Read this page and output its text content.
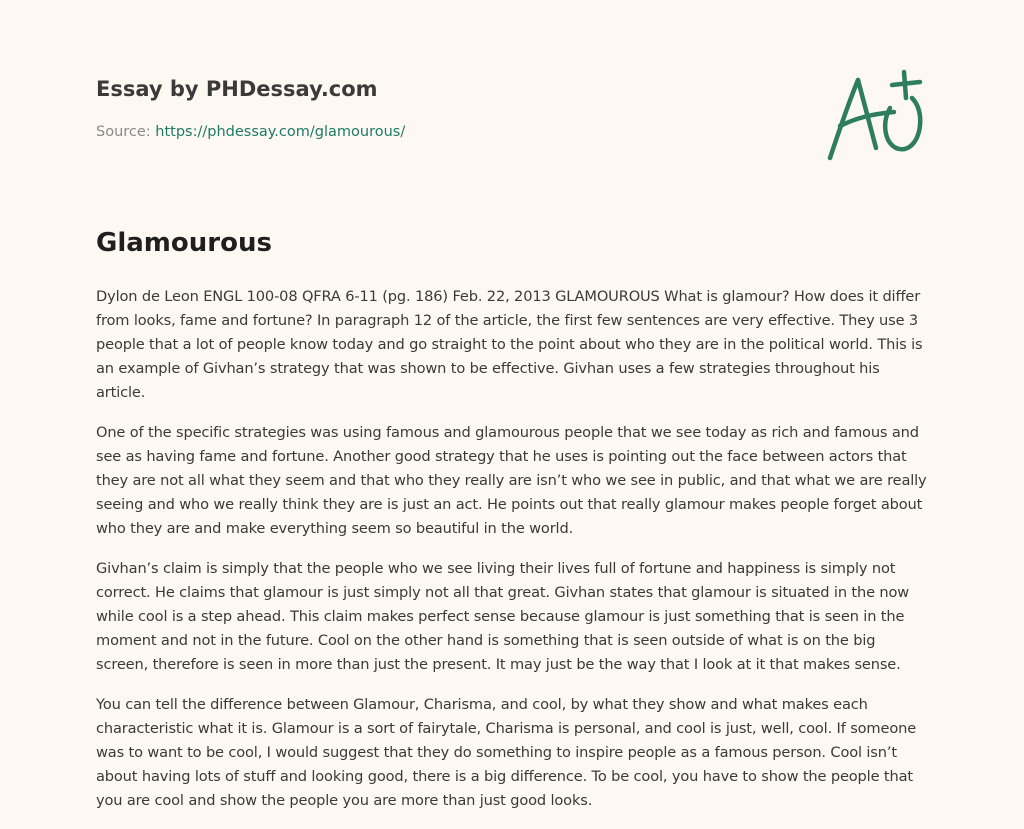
Essay by PHDessay.com
Source: https://phdessay.com/glamourous/
Glamourous

Dylon de Leon ENGL 100-08 QFRA 6-11 (pg. 186) Feb. 22, 2013 GLAMOUROUS What is glamour? How does it differ from looks, fame and fortune? In paragraph 12 of the article, the first few sentences are very effective. They use 3 people that a lot of people know today and go straight to the point about who they are in the political world. This is an example of Givhan’s strategy that was shown to be effective. Givhan uses a few strategies throughout his article.

One of the specific strategies was using famous and glamourous people that we see today as rich and famous and see as having fame and fortune. Another good strategy that he uses is pointing out the face between actors that they are not all what they seem and that who they really are isn’t who we see in public, and that what we are really seeing and who we really think they are is just an act. He points out that really glamour makes people forget about who they are and make everything seem so beautiful in the world.

Givhan’s claim is simply that the people who we see living their lives full of fortune and happiness is simply not correct. He claims that glamour is just simply not all that great. Givhan states that glamour is situated in the now while cool is a step ahead. This claim makes perfect sense because glamour is just something that is seen in the moment and not in the future. Cool on the other hand is something that is seen outside of what is on the big screen, therefore is seen in more than just the present. It may just be the way that I look at it that makes sense.

You can tell the difference between Glamour, Charisma, and cool, by what they show and what makes each characteristic what it is. Glamour is a sort of fairytale, Charisma is personal, and cool is just, well, cool. If someone was to want to be cool, I would suggest that they do something to inspire people as a famous person. Cool isn’t about having lots of stuff and looking good, there is a big difference. To be cool, you have to show the people that you are cool and show the people you are more than just good looks.
